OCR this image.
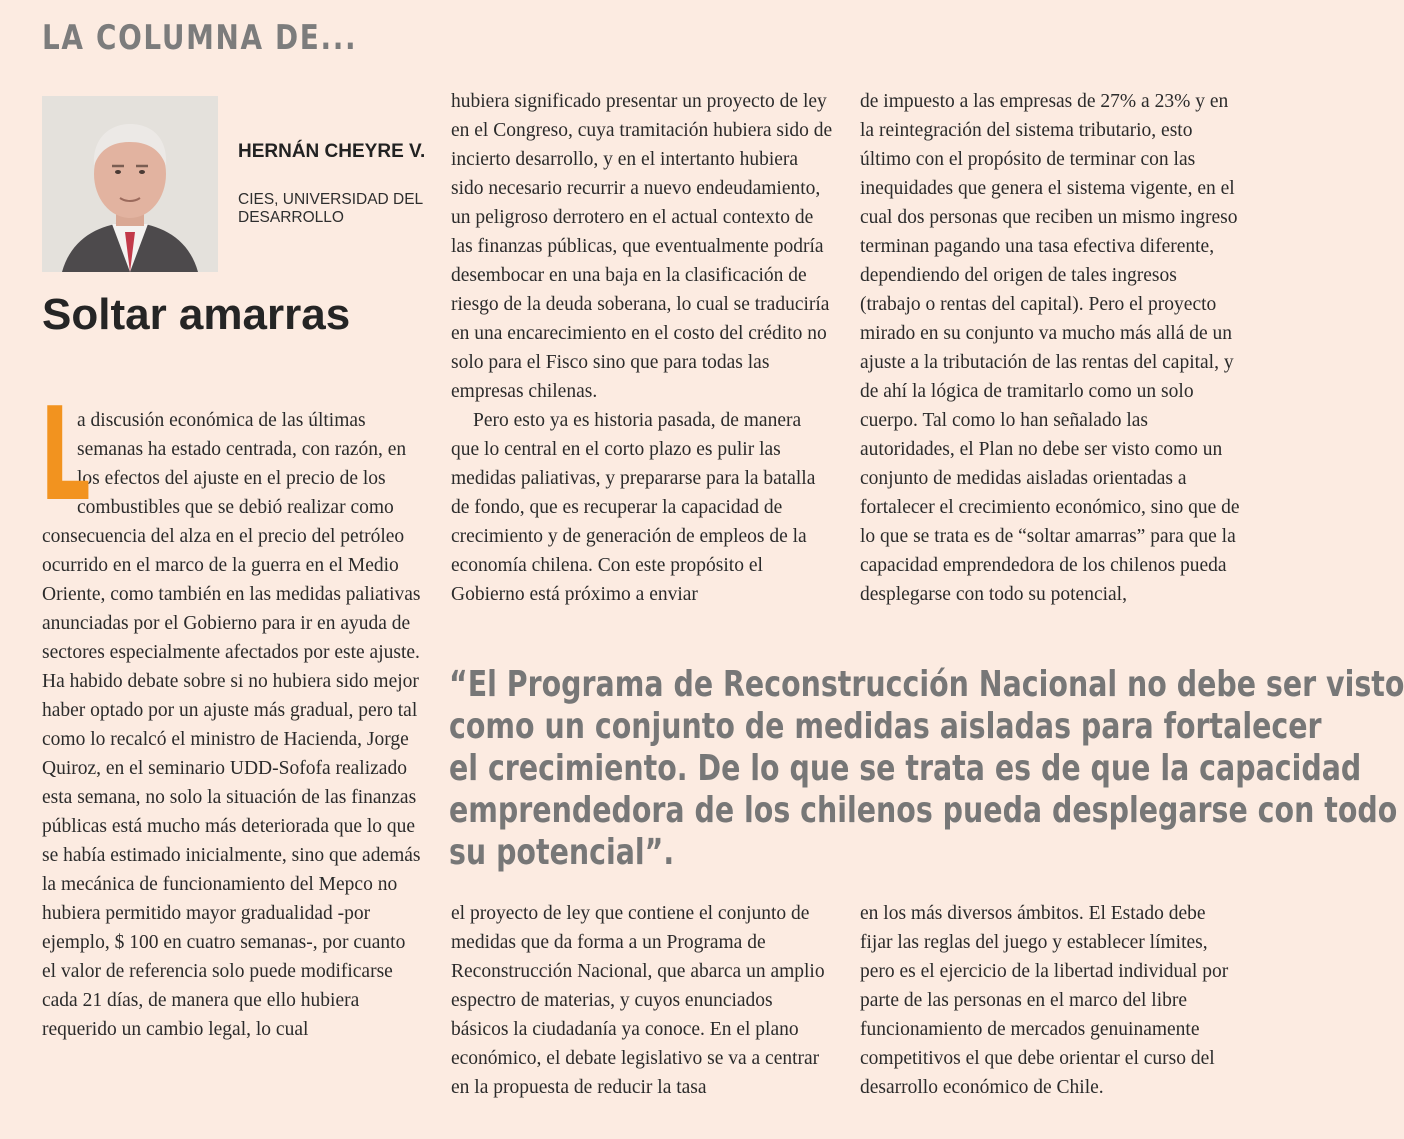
LA COLUMNA DE...
HERNÁN CHEYRE V.
CIES, UNIVERSIDAD DEL DESARROLLO
Soltar amarras
L

a discusión económica de las últimas semanas ha estado centrada, con razón, en los efectos del ajuste en el precio de los combustibles que se debió realizar como consecuencia del alza en el precio del petróleo ocurrido en el marco de la guerra en el Medio Oriente, como también en las medidas paliativas anunciadas por el Gobierno para ir en ayuda de sectores especialmente afectados por este ajuste. Ha habido debate sobre si no hubiera sido mejor haber optado por un ajuste más gradual, pero tal como lo recalcó el ministro de Hacienda, Jorge Quiroz, en el seminario UDD-Sofofa realizado esta semana, no solo la situación de las finanzas públicas está mucho más deteriorada que lo que se había estimado inicialmente, sino que además la mecánica de funcionamiento del Mepco no hubiera permitido mayor gradualidad -por ejemplo, $ 100 en cuatro semanas-, por cuanto el valor de referencia solo puede modificarse cada 21 días, de manera que ello hubiera requerido un cambio legal, lo cual

hubiera significado presentar un proyecto de ley en el Congreso, cuya tramitación hubiera sido de incierto desarrollo, y en el intertanto hubiera sido necesario recurrir a nuevo endeudamiento, un peligroso derrotero en el actual contexto de las finanzas públicas, que eventualmente podría desembocar en una baja en la clasificación de riesgo de la deuda soberana, lo cual se traduciría en una encarecimiento en el costo del crédito no solo para el Fisco sino que para todas las empresas chilenas.

Pero esto ya es historia pasada, de manera que lo central en el corto plazo es pulir las medidas paliativas, y prepararse para la batalla de fondo, que es recuperar la capacidad de crecimiento y de generación de empleos de la economía chilena. Con este propósito el Gobierno está próximo a enviar

de impuesto a las empresas de 27% a 23% y en la reintegración del sistema tributario, esto último con el propósito de terminar con las inequidades que genera el sistema vigente, en el cual dos personas que reciben un mismo ingreso terminan pagando una tasa efectiva diferente, dependiendo del origen de tales ingresos (trabajo o rentas del capital). Pero el proyecto mirado en su conjunto va mucho más allá de un ajuste a la tributación de las rentas del capital, y de ahí la lógica de tramitarlo como un solo cuerpo. Tal como lo han señalado las autoridades, el Plan no debe ser visto como un conjunto de medidas aisladas orientadas a fortalecer el crecimiento económico, sino que de lo que se trata es de “soltar amarras” para que la capacidad emprendedora de los chilenos pueda desplegarse con todo su potencial,

“El Programa de Reconstrucción Nacional no debe ser visto
como un conjunto de medidas aisladas para fortalecer
el crecimiento. De lo que se trata es de que la capacidad
emprendedora de los chilenos pueda desplegarse con todo
su potencial”.

el proyecto de ley que contiene el conjunto de medidas que da forma a un Programa de Reconstrucción Nacional, que abarca un amplio espectro de materias, y cuyos enunciados básicos la ciudadanía ya conoce. En el plano económico, el debate legislativo se va a centrar en la propuesta de reducir la tasa

en los más diversos ámbitos. El Estado debe fijar las reglas del juego y establecer límites, pero es el ejercicio de la libertad individual por parte de las personas en el marco del libre funcionamiento de mercados genuinamente competitivos el que debe orientar el curso del desarrollo económico de Chile.
